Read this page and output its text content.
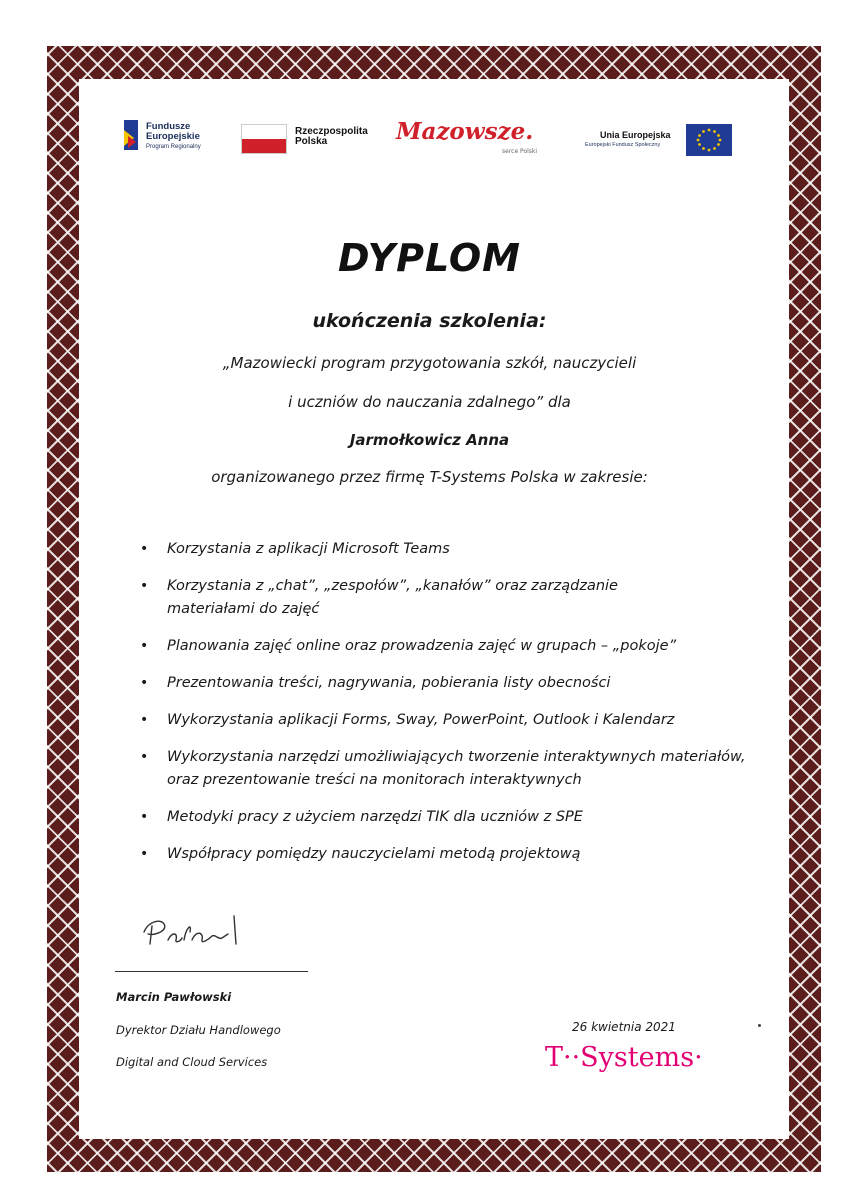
Fundusze
Europejskie
Program Regionalny
Rzeczpospolita
Polska	Mazowsze.
serce Polski
Unia Europejska
Europejski Fundusz Społeczny
DYPLOM
ukończenia szkolenia:
„Mazowiecki program przygotowania szkół, nauczycieli
i uczniów do nauczania zdalnego” dla
Jarmołkowicz Anna
organizowanego przez firmę T-Systems Polska w zakresie:
• Korzystania z aplikacji Microsoft Teams
• Korzystania z „chat”, „zespołów”, „kanałów” oraz zarządzanie materiałami do zajęć
• Planowania zajęć online oraz prowadzenia zajęć w grupach – „pokoje”
• Prezentowania treści, nagrywania, pobierania listy obecności
• Wykorzystania aplikacji Forms, Sway, PowerPoint, Outlook i Kalendarz
• Wykorzystania narzędzi umożliwiających tworzenie interaktywnych materiałów, oraz prezentowanie treści na monitorach interaktywnych
• Metodyki pracy z użyciem narzędzi TIK dla uczniów z SPE
• Współpracy pomiędzy nauczycielami metodą projektową
Marcin Pawłowski
Dyrektor Działu Handlowego
Digital and Cloud Services
26 kwietnia 2021
T··Systems·
